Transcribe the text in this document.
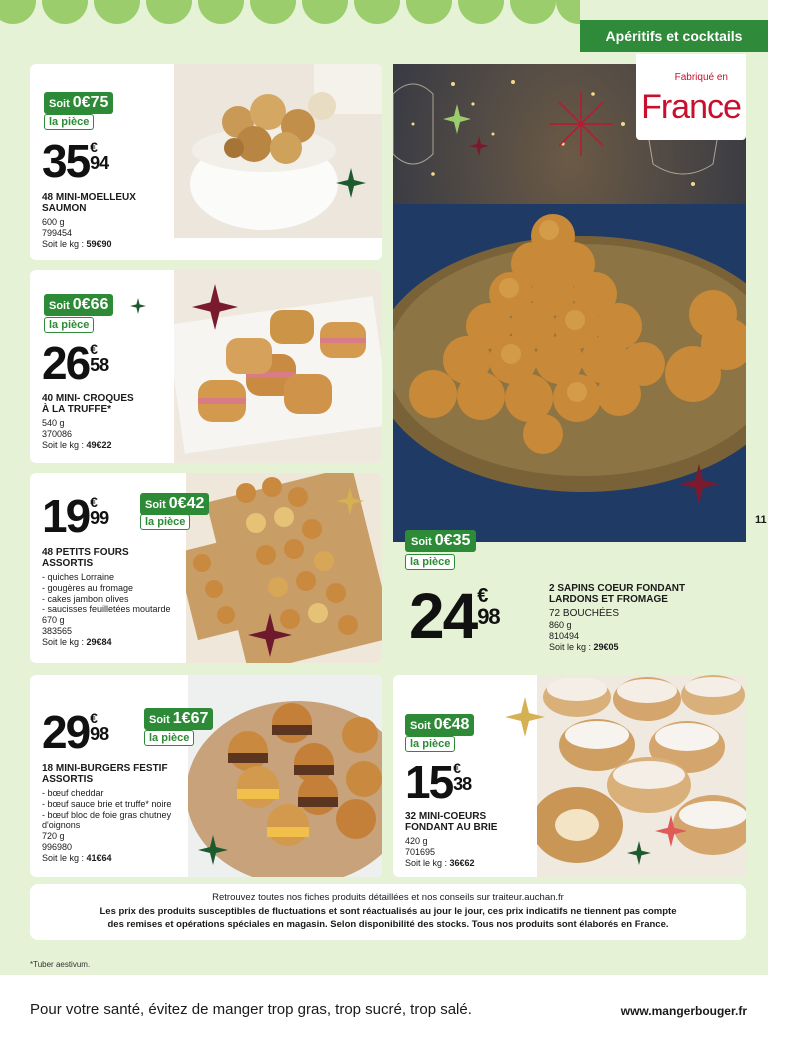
Apéritifs et cocktails
Soit 0€75
la pièce
35 €
94
48 MINI-MOELLEUX
SAUMON
600 g
799454
Soit le kg : 59€90
Soit 0€66
la pièce
26 €
58
40 MINI- CROQUES
À LA TRUFFE*
540 g
370086
Soit le kg : 49€22
19 €
99
Soit 0€42
la pièce
48 PETITS FOURS
ASSORTIS
- quiches Lorraine
- gougères au fromage
- cakes jambon olives
- saucisses feuilletées moutarde
670 g
383565
Soit le kg : 29€84
29 €
98
Soit 1€67
la pièce
18 MINI-BURGERS FESTIF
ASSORTIS
- bœuf cheddar
- bœuf sauce brie et truffe* noire
- bœuf bloc de foie gras chutney
d'oignons
720 g
996980
Soit le kg : 41€64
Soit 0€48
la pièce
15 €
38
32 MINI-COEURS
FONDANT AU BRIE
420 g
701695
Soit le kg : 36€62
Soit 0€35
la pièce
24 €
98
2 SAPINS COEUR FONDANT
LARDONS ET FROMAGE
72 BOUCHÉES
860 g
810494
Soit le kg : 29€05
Fabriqué en
France
11
Retrouvez toutes nos fiches produits détaillées et nos conseils sur traiteur.auchan.fr
Les prix des produits susceptibles de fluctuations et sont réactualisés au jour le jour, ces prix indicatifs ne tiennent pas compte
des remises et opérations spéciales en magasin. Selon disponibilité des stocks. Tous nos produits sont élaborés en France.
*Tuber aestivum.
Pour votre santé, évitez de manger trop gras, trop sucré, trop salé.	www.mangerbouger.fr
